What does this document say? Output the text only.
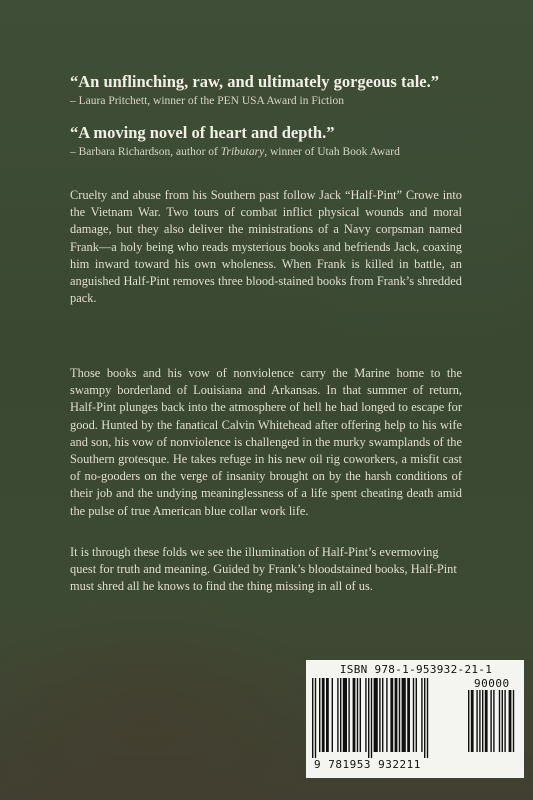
“An unflinching, raw, and ultimately gorgeous tale.”

– Laura Pritchett, winner of the PEN USA Award in Fiction

“A moving novel of heart and depth.”

– Barbara Richardson, author of Tributary, winner of Utah Book Award

Cruelty and abuse from his Southern past follow Jack “Half-Pint” Crowe into the Vietnam War. Two tours of combat inflict physical wounds and moral damage, but they also deliver the ministrations of a Navy corpsman named Frank—a holy being who reads mysterious books and befriends Jack, coaxing him inward toward his own wholeness. When Frank is killed in battle, an anguished Half-Pint removes three blood-stained books from Frank’s shredded pack.

Those books and his vow of nonviolence carry the Marine home to the swampy borderland of Louisiana and Arkansas. In that summer of return, Half-Pint plunges back into the atmosphere of hell he had longed to escape for good. Hunted by the fanatical Calvin Whitehead after offering help to his wife and son, his vow of nonviolence is challenged in the murky swamplands of the Southern grotesque. He takes refuge in his new oil rig coworkers, a misfit cast of no-gooders on the verge of insanity brought on by the harsh conditions of their job and the undying meaninglessness of a life spent cheating death amid the pulse of true American blue collar work life.

It is through these folds we see the illumination of Half-Pint’s evermoving quest for truth and meaning. Guided by Frank’s bloodstained books, Half-Pint must shred all he knows to find the thing missing in all of us.

ISBN 978-1-953932-21-1

90000

9 781953 932211
